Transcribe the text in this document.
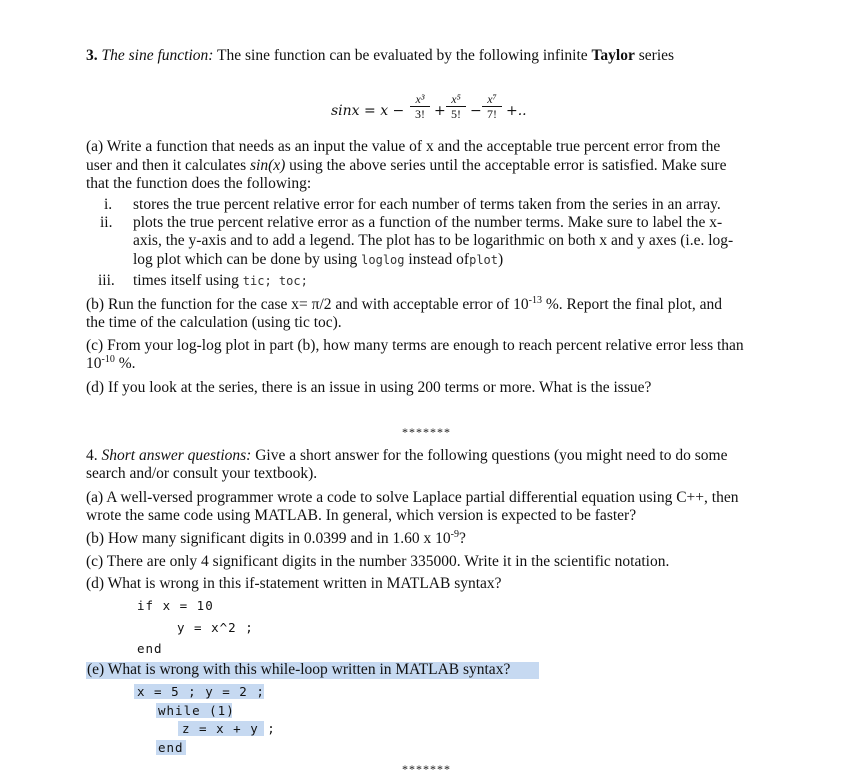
3. The sine function: The sine function can be evaluated by the following infinite Taylor series
$\sin x = x - \frac{\text{x³}}{3!} + \frac{\text{x⁵}}{5!} - \frac{\text{x⁷}}{7!}$ +..
(a) Write a function that needs as an input the value of x and the acceptable true percent error from the
user and then it calculates sin(x) using the above series until the acceptable error is satisfied. Make sure
that the function does the following:
i. stores the true percent relative error for each number of terms taken from the series in an array.
ii. plots the true percent relative error as a function of the number terms. Make sure to label the x-
axis, the y-axis and to add a legend. The plot has to be logarithmic on both x and y axes (i.e. log-
log plot which can be done by using loglog instead ofplot)
iii. times itself using tic; toc;
(b) Run the function for the case x= π/2 and with acceptable error of $10^{-13}$ %. Report the final plot, and
the time of the calculation (using tic toc).
(c) From your log-log plot in part (b), how many terms are enough to reach percent relative error less than
$10^{-10}$ %.
(d) If you look at the series, there is an issue in using 200 terms or more. What is the issue?
*******
4. Short answer questions: Give a short answer for the following questions (you might need to do some
search and/or consult your textbook).
(a) A well-versed programmer wrote a code to solve Laplace partial differential equation using C++, then
wrote the same code using MATLAB. In general, which version is expected to be faster?
(b) How many significant digits in 0.0399 and in 1.60 x $10^{-9}$?
(c) There are only 4 significant digits in the number 335000. Write it in the scientific notation.
(d) What is wrong in this if-statement written in MATLAB syntax?
if x = 10
y = x^2 ;
end
(e) What is wrong with this while-loop written in MATLAB syntax?
x = 5 ; y = 2 ;
while (1)
z = x + y ;
end
*******
